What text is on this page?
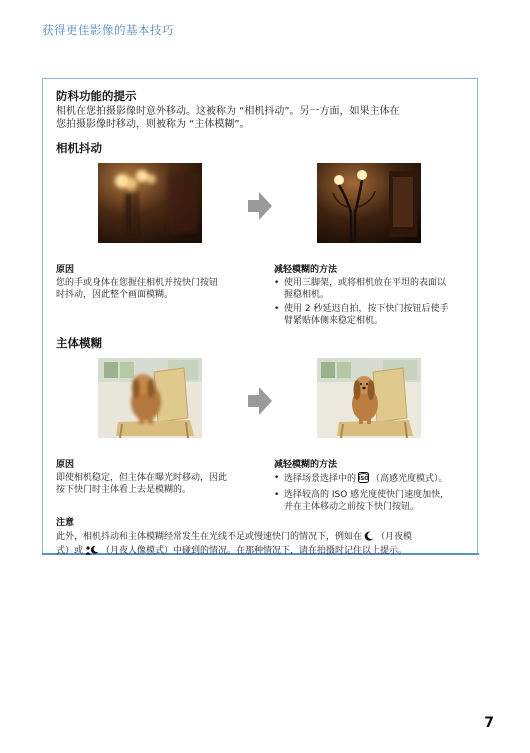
获得更佳影像的基本技巧
防科功能的提示
相机在您拍摄影像时意外移动。这被称为 “相机抖动”。另一方面，如果主体在
您拍摄影像时移动，则被称为 “主体模糊”。
相机抖动
原因
您的手或身体在您握住相机并按快门按钮
时抖动，因此整个画面模糊。
减轻模糊的方法
• 使用三脚架，或将相机放在平坦的表面以
握稳相机。
• 使用 2 秒延迟自拍，按下快门按钮后使手
臂紧贴体侧来稳定相机。
主体模糊
原因
即使相机稳定，但主体在曝光时移动，因此
按下快门时主体看上去是模糊的。
减轻模糊的方法
• 选择场景选择中的 ISO （高感光度模式）。
• 选择较高的 ISO 感光度使快门速度加快，
并在主体移动之前按下快门按钮。
注意
此外，相机抖动和主体模糊经常发生在光线不足或慢速快门的情况下，例如在 （月夜模
式）或 （月夜人像模式）中碰到的情况。在那种情况下，请在拍摄时记住以上提示。
7
